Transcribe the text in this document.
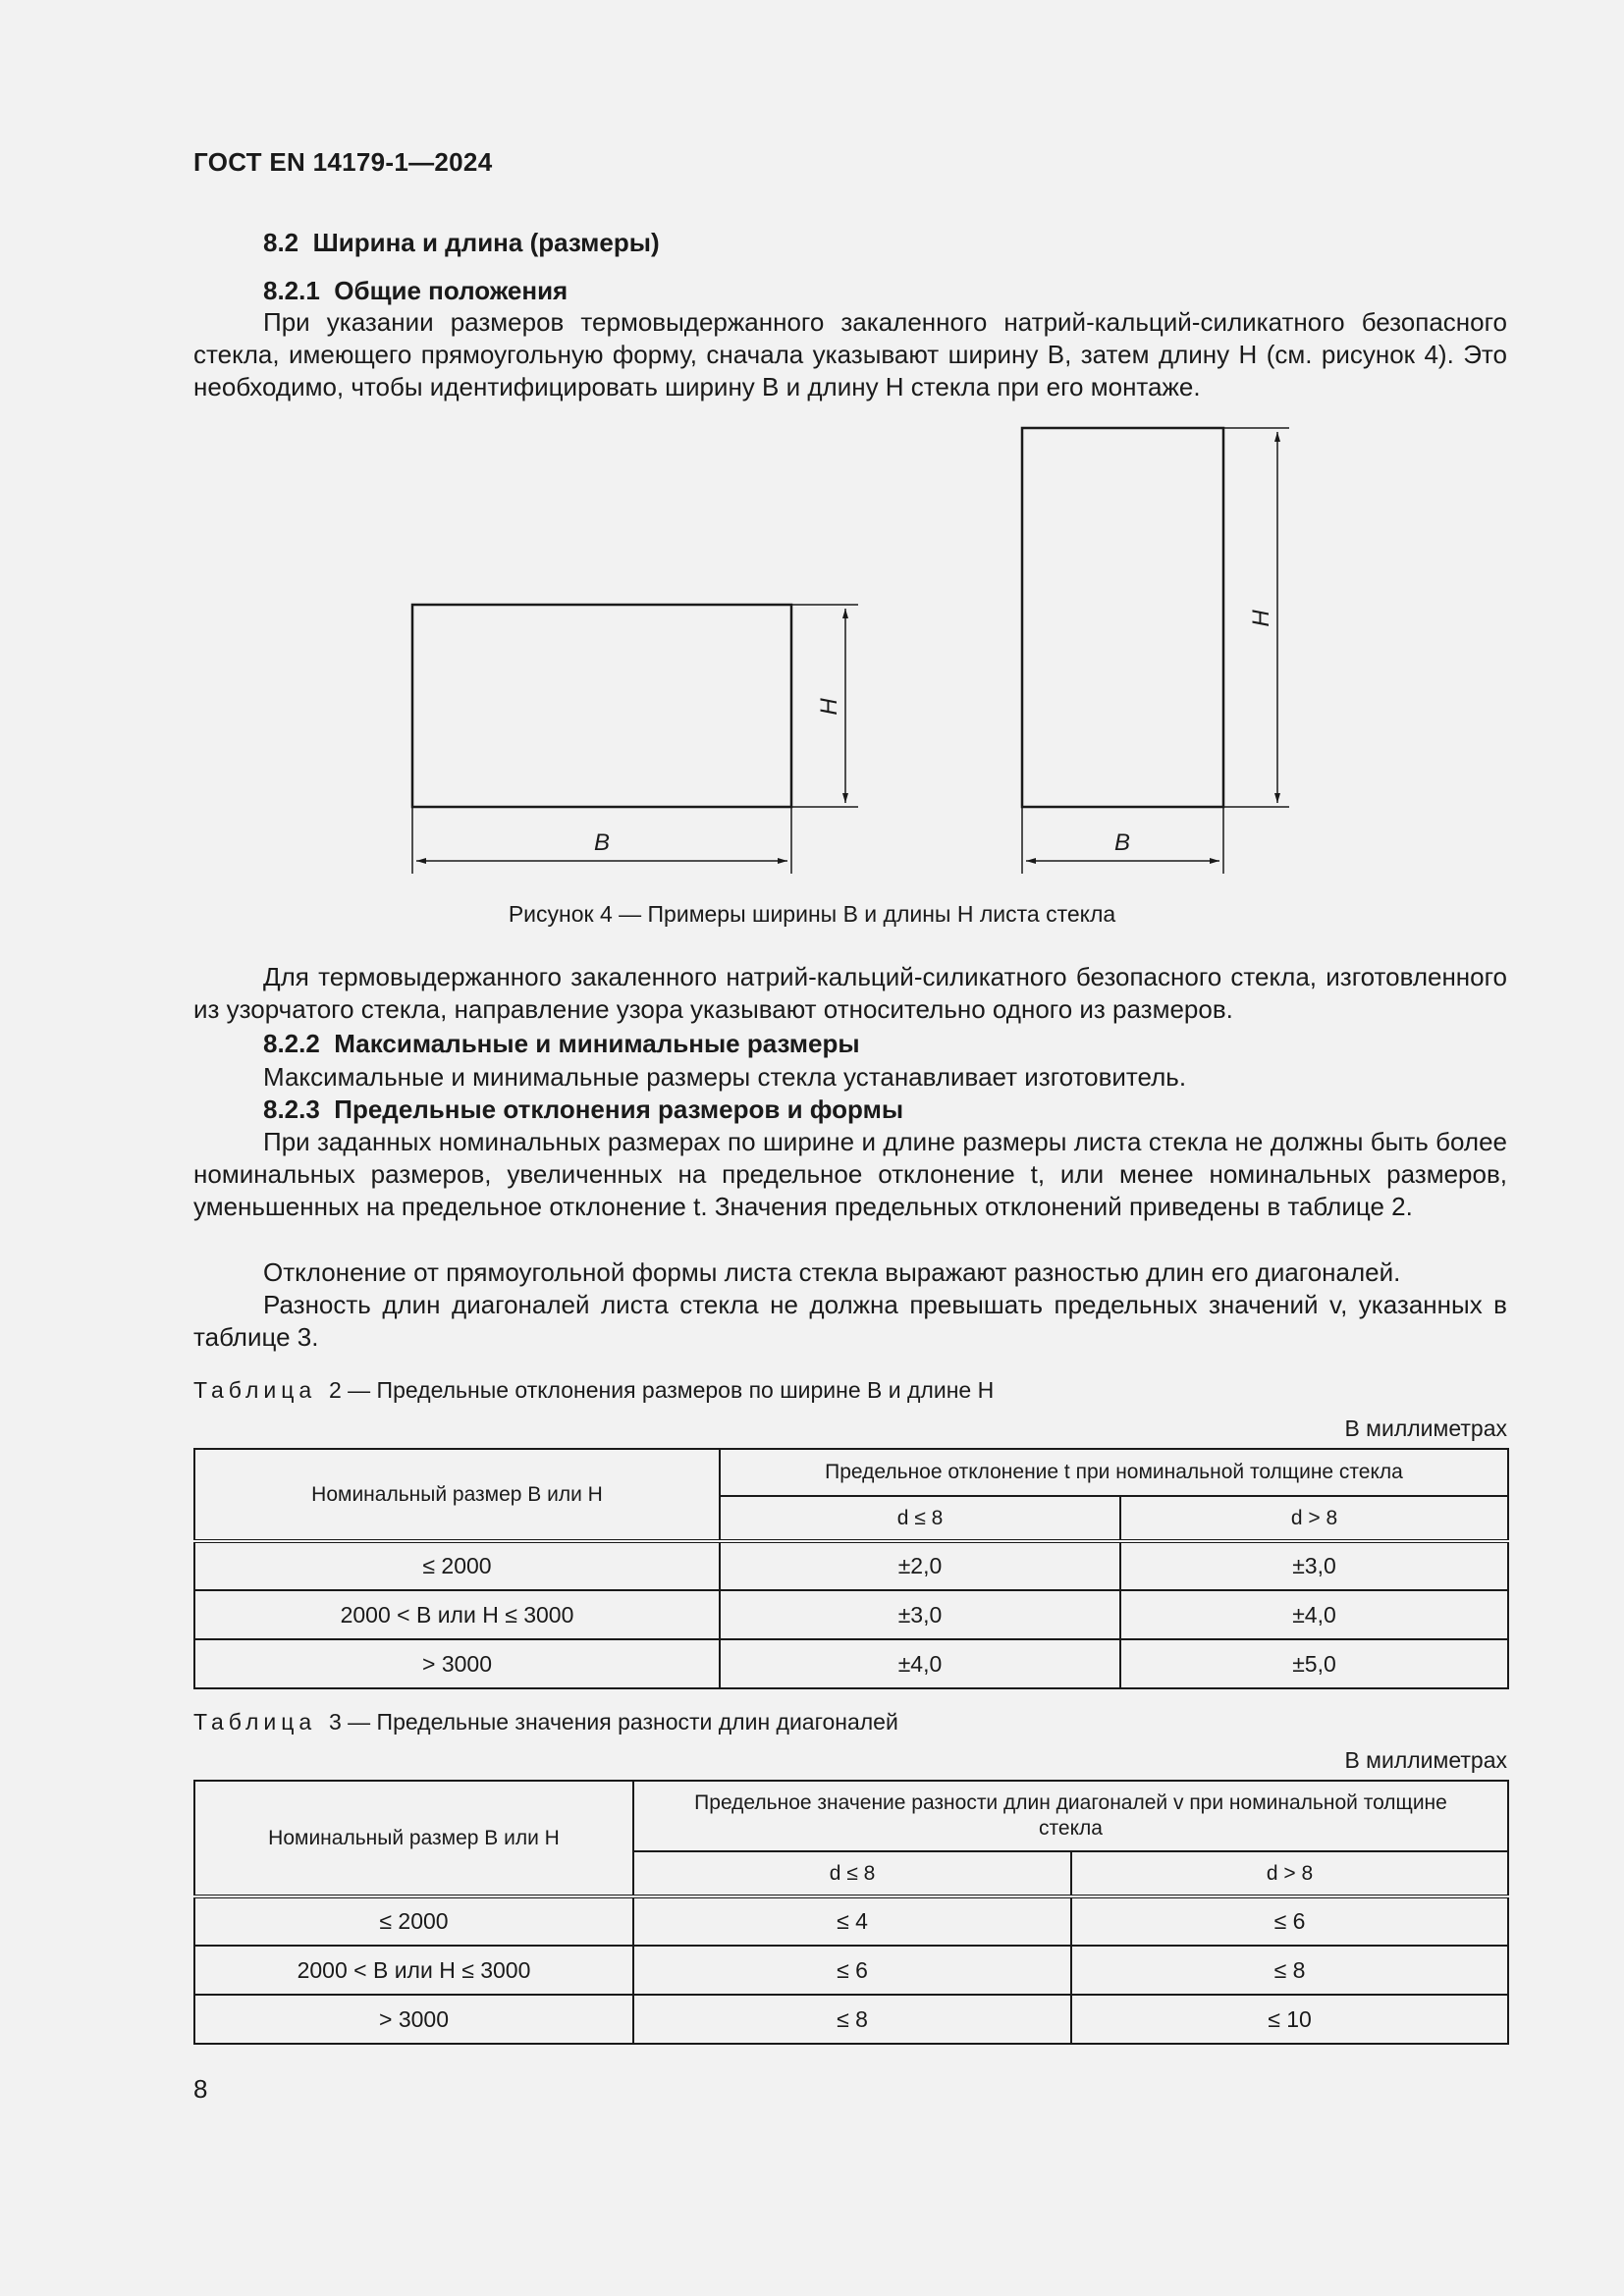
ГОСТ EN 14179-1—2024
8.2 Ширина и длина (размеры)
8.2.1 Общие положения
При указании размеров термовыдержанного закаленного натрий-кальций-силикатного безопасного стекла, имеющего прямоугольную форму, сначала указывают ширину B, затем длину H (см. рисунок 4). Это необходимо, чтобы идентифицировать ширину B и длину H стекла при его монтаже.
H
B
H
B
Рисунок 4 — Примеры ширины B и длины H листа стекла
Для термовыдержанного закаленного натрий-кальций-силикатного безопасного стекла, изготовленного из узорчатого стекла, направление узора указывают относительно одного из размеров.
8.2.2 Максимальные и минимальные размеры
Максимальные и минимальные размеры стекла устанавливает изготовитель.
8.2.3 Предельные отклонения размеров и формы
При заданных номинальных размерах по ширине и длине размеры листа стекла не должны быть более номинальных размеров, увеличенных на предельное отклонение t, или менее номинальных размеров, уменьшенных на предельное отклонение t. Значения предельных отклонений приведены в таблице 2.
Отклонение от прямоугольной формы листа стекла выражают разностью длин его диагоналей.
Разность длин диагоналей листа стекла не должна превышать предельных значений v, указанных в таблице 3.
Таблица 2 — Предельные отклонения размеров по ширине B и длине H
В миллиметрах
Номинальный размер B или H	Предельное отклонение t при номинальной толщине стекла	
	d ≤ 8	d > 8
≤ 2000	±2,0	±3,0
2000 < B или H ≤ 3000	±3,0	±4,0
> 3000	±4,0	±5,0
Таблица 3 — Предельные значения разности длин диагоналей
В миллиметрах
Номинальный размер B или H	Предельное значение разности длин диагоналей v при номинальной толщине стекла	
	d ≤ 8	d > 8
≤ 2000	≤ 4	≤ 6
2000 < B или H ≤ 3000	≤ 6	≤ 8
> 3000	≤ 8	≤ 10
8
